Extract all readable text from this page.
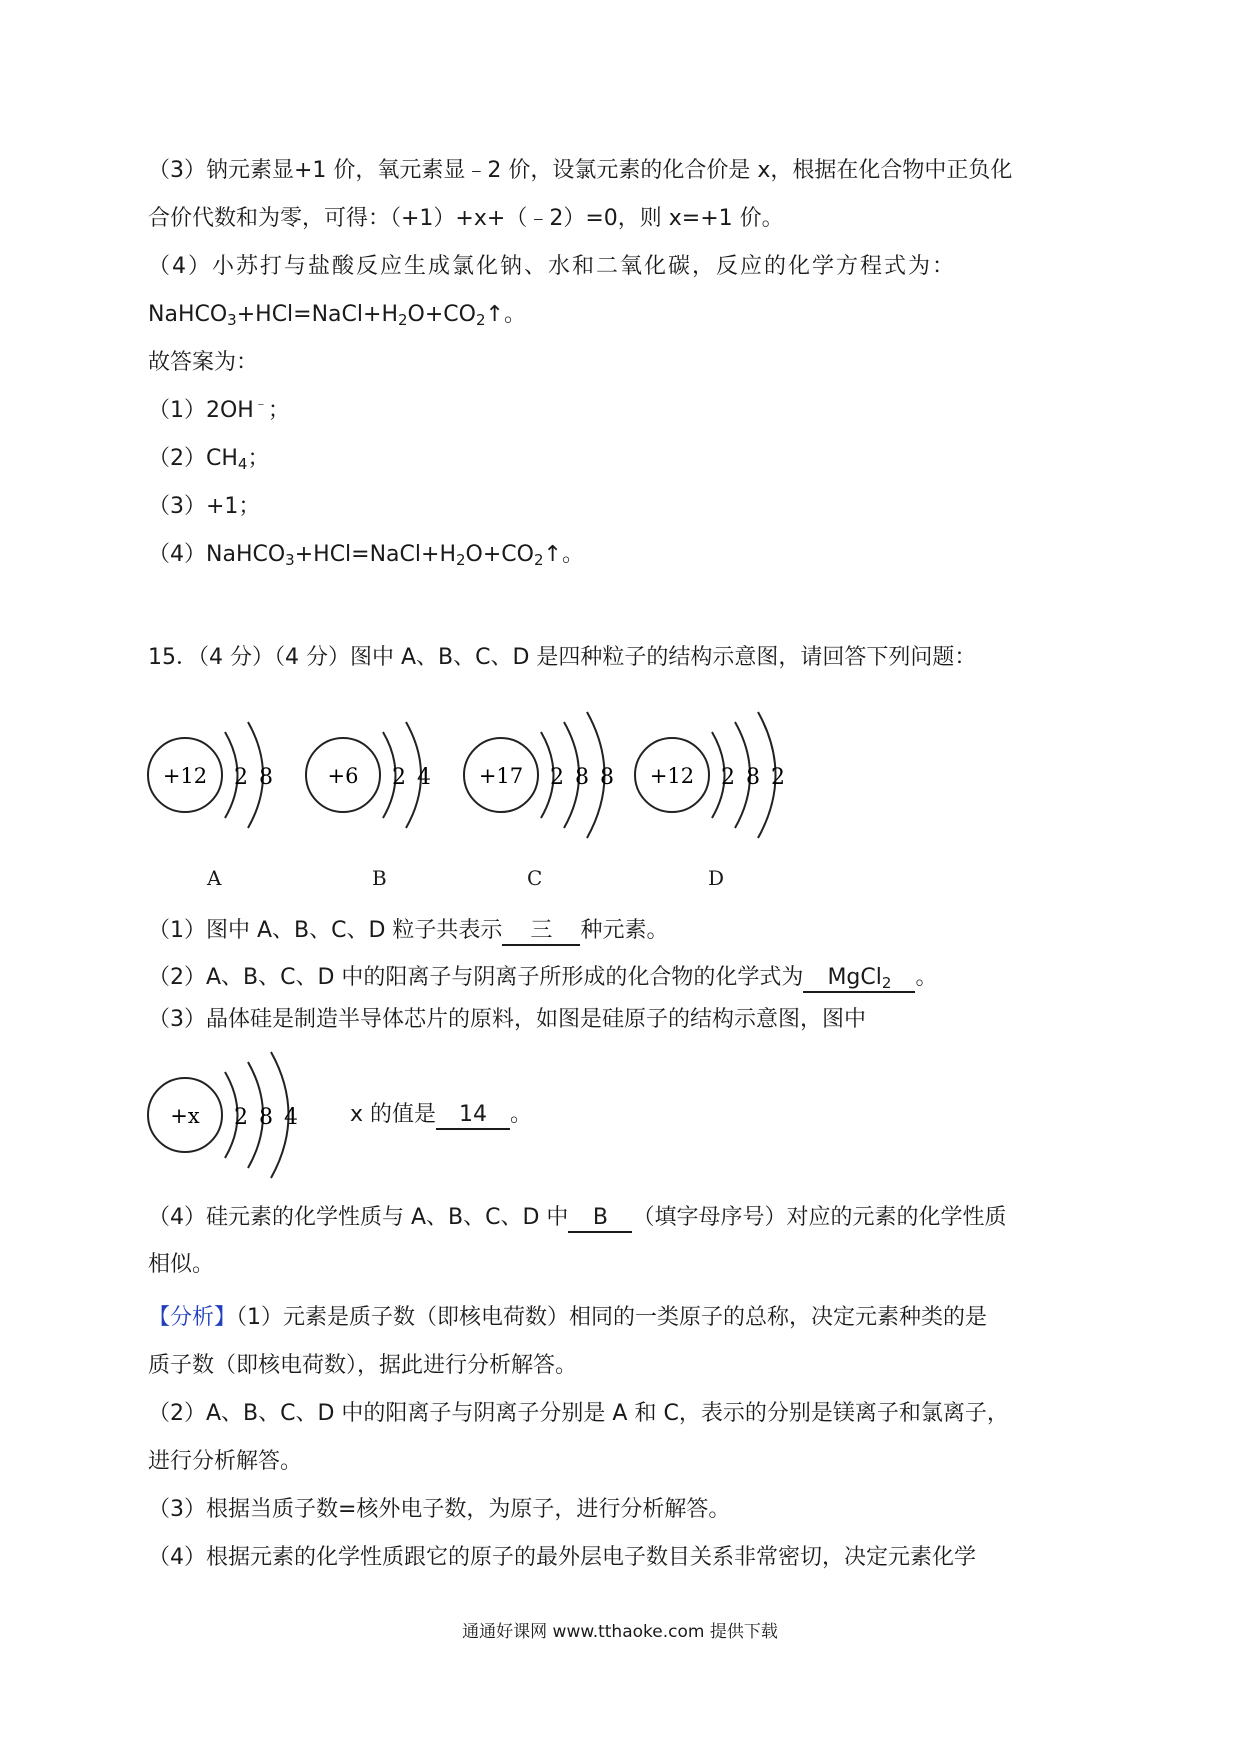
（3）钠元素显+1 价，氧元素显﹣2 价，设氯元素的化合价是 x，根据在化合物中正负化
合价代数和为零，可得：（+1）+x+（﹣2）=0，则 x=+1 价。
（4）小苏打与盐酸反应生成氯化钠、水和二氧化碳，反应的化学方程式为：
$NaHCO_3+HCl=NaCl+H_2O+CO_2↑$。
故答案为：
（1）2OH﹣；
$(2)CH_4$；
（3）+1；
$(4)NaHCO_3+HCl=NaCl+H_2O+CO_2↑$。
15．（4 分）（4 分）图中 A、B、C、D 是四种粒子的结构示意图，请回答下列问题：
+12 2 8	+6 2 4 +17 2 8 8 +12 2 8 2
A	B	C	D
（1）图中 A、B、C、D 粒子共表示 三 种元素。
（2）A、B、C、D 中的阳离子与阴离子所形成的化合物的化学式为 MgCl$_2$ 。
（3）晶体硅是制造半导体芯片的原料，如图是硅原子的结构示意图，图中
+x 2 8 4 x 的值是 14 。
（4）硅元素的化学性质与 A、B、C、D 中 B （填字母序号）对应的元素的化学性质
相似。
【分析】（1）元素是质子数（即核电荷数）相同的一类原子的总称，决定元素种类的是
质子数（即核电荷数），据此进行分析解答。
（2）A、B、C、D 中的阳离子与阴离子分别是 A 和 C，表示的分别是镁离子和氯离子，
进行分析解答。
（3）根据当质子数=核外电子数，为原子，进行分析解答。
（4）根据元素的化学性质跟它的原子的最外层电子数目关系非常密切，决定元素化学
通通好课网 www.tthaoke.com 提供下载
